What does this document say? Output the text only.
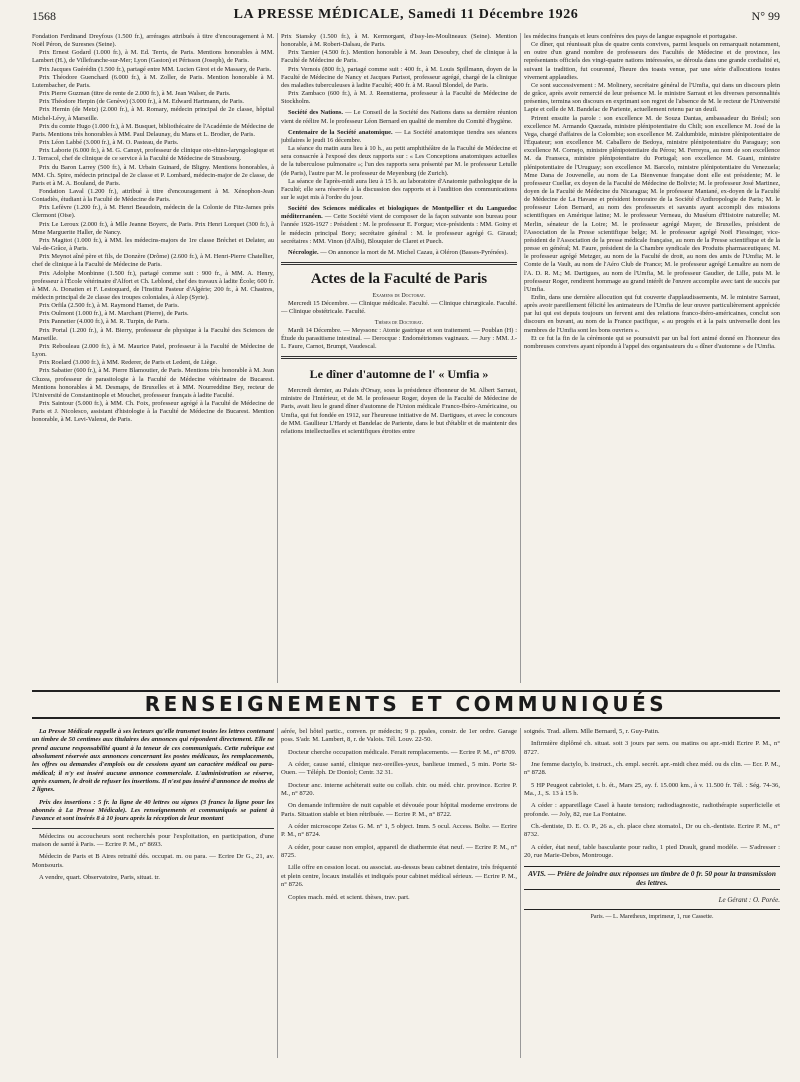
1568	LA PRESSE MÉDICALE, Samedi 11 Décembre 1926	N° 99

Fondation Ferdinand Dreyfous (1.500 fr.), arrérages attribués à titre d'encouragement à M. Noël Péron, de Suresnes (Seine).

Prix Ernest Godard (1.000 fr.), à M. Ed. Terris, de Paris. Mentions honorables à MM. Lambert (H.), de Villefranche-sur-Mer; Lyon (Gaston) et Périsson (Joseph), de Paris.

Prix Jacques Guérédin (1.500 fr.), partagé entre MM. Lucien Girot et de Massary, de Paris.

Prix Théodore Guenchard (6.000 fr.), à M. Zoller, de Paris. Mention honorable à M. Lutembacher, de Paris.

Prix Pierre Guzman (titre de rente de 2.000 fr.), à M. Jean Walser, de Paris.

Prix Théodore Herpin (de Genève) (3.000 fr.), à M. Edward Hartmann, de Paris.

Prix Hernin (de Metz) (2.000 fr.), à M. Romary, médecin principal de 2e classe, hôpital Michel-Lévy, à Marseille.

Prix du comte Hugo (1.000 fr.), à M. Busquet, bibliothécaire de l'Académie de Médecine de Paris. Mentions très honorables à MM. Paul Delaunay, du Mans et L. Brodier, de Paris.

Prix Léon Labbé (3.000 fr.), à M. O. Pasteau, de Paris.

Prix Laborie (6.000 fr.), à M. G. Canuyt, professeur de clinique oto-rhino-laryngologique et J. Terracol, chef de clinique de ce service à la Faculté de Médecine de Strasbourg.

Prix du Baron Larrey (500 fr.), à M. Urbain Guinard, de Bligny. Mentions honorables, à MM. Ch. Spire, médecin principal de 2e classe et P. Lombard, médecin-major de 2e classe, de Paris et à M. A. Bouland, de Paris.

Fondation Laval (1.200 fr.), attribué à titre d'encouragement à M. Xénophon-Jean Contadiès, étudiant à la Faculté de Médecine de Paris.

Prix Lefèvre (1.200 fr.), à M. Henri Beaudoin, médecin de la Colonie de Fitz-James près Clermont (Oise).

Prix Le Leroux (2.000 fr.), à Mlle Jeanne Boyerc, de Paris. Prix Henri Lorquet (300 fr.), à Mme Marguerite Haller, de Nancy.

Prix Magitot (1.000 fr.), à MM. les médecins-majors de 1re classe Bréchet et Delater, au Val-de-Grâce, à Paris.

Prix Meynot aîné père et fils, de Donzère (Drôme) (2.600 fr.), à M. Henri-Pierre Chatellier, chef de clinique à la Faculté de Médecine de Paris.

Prix Adolphe Monbinne (1.500 fr.), partagé comme suit : 900 fr., à MM. A. Henry, professeur à l'École vétérinaire d'Alfort et Ch. Leblond, chef des travaux à ladite École; 600 fr. à MM. A. Donatien et F. Lestoquard, de l'Institut Pasteur d'Algérie; 200 fr., à M. Chastres, médecin principal de 2e classe des troupes coloniales, à Alep (Syrie).

Prix Orfila (2.500 fr.), à M. Raymond Hamet, de Paris.

Prix Oulmont (1.000 fr.), à M. Marchant (Pierre), de Paris.

Prix Pannetier (4.000 fr.), à M. R. Turpin, de Paris.

Prix Portal (1.200 fr.), à M. Bierry, professeur de physique à la Faculté des Sciences de Marseille.

Prix Rebouleau (2.000 fr.), à M. Maurice Patel, professeur à la Faculté de Médecine de Lyon.

Prix Roelard (3.000 fr.), à MM. Rederer, de Paris et Ledent, de Liège.

Prix Sabatier (600 fr.), à M. Pierre Blamoutier, de Paris. Mentions très honorable à M. Jean Cluzea, professeur de parasitologie à la Faculté de Médecine vétérinaire de Bucarest. Mentions honorables à M. Desmaps, de Bruxelles et à MM. Nourreddine Bey, recteur de l'Université de Constantinople et Mouchet, professeur français à ladite Faculté.

Prix Saintour (5.000 fr.), à MM. Ch. Foix, professeur agrégé à la Faculté de Médecine de Paris et J. Nicolesco, assistant d'histologie à la Faculté de Médecine de Bucarest. Mention honorable, à M. Levi-Valensi, de Paris.

Prix Stansky (1.500 fr.), à M. Kermorgant, d'Issy-les-Moulineaux (Seine). Mention honorable, à M. Robert-Dalsau, de Paris.

Prix Tarnier (4.500 fr.). Mention honorable à M. Jean Desoubry, chef de clinique à la Faculté de Médecine de Paris.

Prix Vernois (800 fr.), partagé comme suit : 400 fr., à M. Louis Spillmann, doyen de la Faculté de Médecine de Nancy et Jacques Parisot, professeur agrégé, chargé de la clinique des maladies tuberculeuses à ladite Faculté; 400 fr. à M. Raoul Blondel, de Paris.

Prix Zambaco (600 fr.), à M. J. Reenstierna, professeur à la Faculté de Médecine de Stockholm.

Société des Nations. — Le Conseil de la Société des Nations dans sa dernière réunion vient de réélire M. le professeur Léon Bernard en qualité de membre du Comité d'hygiène.

Centenaire de la Société anatomique. — La Société anatomique tiendra ses séances jubilaires le jeudi 16 décembre.

La séance du matin aura lieu à 10 h., au petit amphithéâtre de la Faculté de Médecine et sera consacrée à l'exposé des deux rapports sur : « Les Conceptions anatomiques actuelles de la tuberculose pulmonaire »; l'un des rapports sera présenté par M. le professeur Letulle (de Paris), l'autre par M. le professeur de Meyenburg (de Zurich).

La séance de l'après-midi aura lieu à 15 h. au laboratoire d'Anatomie pathologique de la Faculté; elle sera réservée à la discussion des rapports et à l'audition des communications sur le sujet mis à l'ordre du jour.

Société des Sciences médicales et biologiques de Montpellier et du Languedoc méditerranéen. — Cette Société vient de composer de la façon suivante son bureau pour l'année 1926-1927 : Président : M. le professeur E. Forgue; vice-présidents : MM. Goiny et le médecin principal Bory; secrétaire général : M. le professeur agrégé G. Giraud; secrétaires : MM. Vinon (d'Albi), Blouquier de Claret et Puech.

Nécrologie. — On annonce la mort de M. Michel Cazau, à Oléron (Basses-Pyrénées).

Actes de la Faculté de Paris

Examens de Doctorat.

Mercredi 15 Décembre. — Clinique médicale. Faculté. — Clinique chirurgicale. Faculté. — Clinique obstétricale. Faculté.

Thèses de Doctorat.

Mardi 14 Décembre. — Meyssonc : Atonie gastrique et son traitement. — Poublan (H) : Étude du parasitisme intestinal. — Derocque : Endométriomes vaginaux. — Jury : MM. J.-L. Faure, Carnot, Brumpt, Vaudescal.

Le dîner d'automne de l' « Umfia »

Mercredi dernier, au Palais d'Orsay, sous la présidence d'honneur de M. Albert Sarraut, ministre de l'Intérieur, et de M. le professeur Roger, doyen de la Faculté de Médecine de Paris, avait lieu le grand dîner d'automne de l'Union médicale Franco-Ibéro-Américaine, ou Umfia, qui fut fondée en 1912, sur l'heureuse initiative de M. Dartigues, et avec le concours de MM. Gaullieur L'Hardy et Bandelac de Pariente, dans le but d'établir et de maintenir des relations intellectuelles et scientifiques étroites entre

les médecins français et leurs confrères des pays de langue espagnole et portugaise.

Ce dîner, qui réunissait plus de quatre cents convives, parmi lesquels on remarquait notamment, en outre d'un grand nombre de professeurs des Facultés de Médecine et de province, les représentants officiels des vingt-quatre nations intéressées, se déroula dans une grande cordialité et, suivant la tradition, fut couronné, l'heure des toasts venue, par une série d'allocutions toutes vivement applaudies.

Ce sont successivement : M. Molinery, secrétaire général de l'Umfia, qui dans un discours plein de grâce, après avoir remercié de leur présence M. le ministre Sarraut et les diverses personnalités présentes, termina son discours en exprimant son regret de l'absence de M. le recteur de l'Université Lapie et celle de M. Bandelac de Pariente, actuellement retenu par un deuil.

Prirent ensuite la parole : son excellence M. de Souza Dantas, ambassadeur du Brésil; son excellence M. Armando Quezada, ministre plénipotentiaire du Chili; son excellence M. José de la Vega, chargé d'affaires de la Colombie; son excellence M. Zaldumbide, ministre plénipotentiaire de l'Équateur; son excellence M. Caballero de Bedoya, ministre plénipotentiaire du Paraguay; son excellence M. Cornejo, ministre plénipotentiaire du Pérou; M. Ferreyra, au nom de son excellence M. da Franseca, ministre plénipotentiaire du Portugal; son excellence M. Guani, ministre plénipotentiaire de l'Uruguay; son excellence M. Barcelo, ministre plénipotentiaire du Venezuela; Mme Dana de Jouvenelle, au nom de La Bienvenue française dont elle est présidente; M. le professeur Cuellar, ex doyen de la Faculté de Médecine de Bolivie; M. le professeur José Martinez, doyen de la Faculté de Médecine du Nicaragua; M. le professeur Mantané, ex-doyen de la Faculté de Médecine de La Havane et président honoraire de la Société d'Anthropologie de Paris; M. le professeur Léon Bernard, au nom des professeurs et savants ayant accompli des missions scientifiques en Amérique latine; M. le professeur Verneau, du Muséum d'Histoire naturelle; M. Merlin, sénateur de la Loire; M. le professeur agrégé Mayer, de Bruxelles, président de l'Association de la Presse scientifique belge; M. le professeur agrégé Noël Fiessinger, vice-président de l'Association de la presse médicale française, au nom de la Presse scientifique et de la presse en général; M. Faure, président de la Chambre syndicale des Produits pharmaceutiques; M. le professeur agrégé Metzger, au nom de la Faculté de droit, au nom des amis de l'Umfia; M. le Comte de la Vault, au nom de l'Aéro Club de France; M. le professeur agrégé Lemaître au nom de l'A. D. R. M.; M. Dartigues, au nom de l'Umfia, M. le professeur Gaudier, de Lille, puis M. le professeur Roger, rendirent hommage au grand intérêt de l'œuvre accomplie avec tant de succès par l'Umfia.

Enfin, dans une dernière allocution qui fut couverte d'applaudissements, M. le ministre Sarraut, après avoir pareillement félicité les animateurs de l'Umfia de leur œuvre particulièrement appréciée par lui qui est depuis toujours un fervent ami des relations franco-ibéro-américaines, conclut son discours en buvant, au nom de la France pacifique, « au progrès et à la paix universelle dont les membres de l'Umfia sont les bons ouvriers ».

Et ce fut la fin de la cérémonie qui se poursuivit par un bal fort animé donné en l'honneur des nombreuses convives ayant répondu à l'appel des organisateurs du « dîner d'automne » de l'Umfia.

RENSEIGNEMENTS ET COMMUNIQUÉS

La Presse Médicale rappelle à ses lecteurs qu'elle transmet toutes les lettres contenant un timbre de 50 centimes aux titulaires des annonces qui répondent directement. Elle ne prend aucune responsabilité quant à la teneur de ces communiqués. Cette rubrique est absolument réservée aux annonces concernant les postes médicaux, les remplacements, les offres ou demandes d'emplois ou de cessions ayant un caractère médical ou para-médical; il n'y est inséré aucune annonce commerciale. L'administration se réserve, après examen, le droit de refuser les insertions. Il n'est pas inséré d'annonce de moins de 2 lignes.

Prix des insertions : 5 fr. la ligne de 40 lettres ou signes (3 francs la ligne pour les abonnés à La Presse Médicale). Les renseignements et communiqués se paient à l'avance et sont insérés 8 à 10 jours après la réception de leur montant

Médecins ou accoucheurs sont recherchés pour l'exploitation, en participation, d'une maison de santé à Paris. — Ecrire P. M., n° 8693.

Médecin de Paris et B Aires retraité dés. occupat. m. ou para. — Ecrire Dr G., 21, av. Montsouris.

A vendre, quart. Observatoire, Paris, situat. tr.

aérée, bel hôtel partic., conven. pr médecin; 9 p. ppales, constr. de 1er ordre. Garage poss. S'adr. M. Lambert, 8, r. de Valois. Tél. Louv. 22-50.

Docteur cherche occupation médicale. Ferait remplacements. — Ecrire P. M., n° 8709.

A céder, cause santé, clinique nez-oreilles-yeux, banlieue immed., 5 min. Porte St-Ouen. — Téléph. Dr Doniol; Centr. 32 31.

Docteur anc. interne achèterait suite ou collab. chir. ou méd. chir. province. Ecrire P. M., n° 8720.

On demande infirmière de nuit capable et dévouée pour hôpital moderne environs de Paris. Situation stable et bien rétribuée. — Ecrire P. M., n° 8722.

A céder microscope Zeiss G. M. n° 1, 5 object. Imm. 5 ocul. Access. Boîte. — Ecrire P. M., n° 8724.

A céder, pour cause non emploi, appareil de diathermie état neuf. — Ecrire P. M., n° 8725.

Lille offre en cession locat. ou associat. au-dessus beau cabinet dentaire, très fréquenté et plein centre, locaux installés et indiqués pour cabinet médical sérieux. — Ecrire P. M., n° 8726.

Copies mach. méd. et scient. thèses, trav. part.

soignés. Trad. allem. Mlle Bernard, 5, r. Guy-Patin.

Infirmière diplômé ch. situat. soit 3 jours par sem. ou matins ou apr.-midi Ecrire P. M., n° 8727.

Jne femme dactylo, b. instruct., ch. empl. secrét. apr.-midi chez méd. ou ds clin. — Ecr. P. M., n° 8728.

5 HP Peugeot cabriolet, t. b. ét., Mars 25, ay. f. 15.000 km., à v. 11.500 fr. Tél. : Ség. 74-36, Ma., J., S. 13 à 15 h.

A céder : appareillage Casel à haute tension; radiodiagnostic, radiothérapie superficielle et profonde. — Joly, 82, rue La Fontaine.

Ch.-dentiste, D. E. O. P., 26 a., ch. place chez stomatol., Dr ou ch.-dentiste. Ecrire P. M., n° 8732.

A céder, état neuf, table basculante pour radio, 1 pied Drault, grand modèle. — S'adresser : 20, rue Marie-Debos, Montrouge.

AVIS. — Prière de joindre aux réponses un timbre de 0 fr. 50 pour la transmission des lettres.
Le Gérant : O. Porée.
Paris. — L. Maretheux, imprimeur, 1, rue Cassette.
